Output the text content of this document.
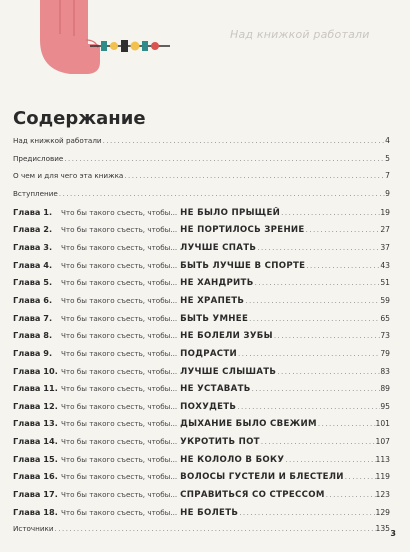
Над книжкой работали
Содержание
Над книжкой работали .....	4
Предисловие .....	5
О чем и для чего эта книжка .....	7
Вступление .....	9
Глава 1.	Что бы такого съесть, чтобы... НЕ БЫЛО ПРЫЩЕЙ .....	19
Глава 2.	Что бы такого съесть, чтобы... НЕ ПОРТИЛОСЬ ЗРЕНИЕ .....	27
Глава 3.	Что бы такого съесть, чтобы... ЛУЧШЕ СПАТЬ .....	37
Глава 4.	Что бы такого съесть, чтобы... БЫТЬ ЛУЧШЕ В СПОРТЕ .....	43
Глава 5.	Что бы такого съесть, чтобы... НЕ ХАНДРИТЬ .....	51
Глава 6.	Что бы такого съесть, чтобы... НЕ ХРАПЕТЬ .....	59
Глава 7.	Что бы такого съесть, чтобы... БЫТЬ УМНЕЕ .....	65
Глава 8.	Что бы такого съесть, чтобы... НЕ БОЛЕЛИ ЗУБЫ .....	73
Глава 9.	Что бы такого съесть, чтобы... ПОДРАСТИ .....	79
Глава 10. Что бы такого съесть, чтобы... ЛУЧШЕ СЛЫШАТЬ .....	83
Глава 11. Что бы такого съесть, чтобы... НЕ УСТАВАТЬ .....	89
Глава 12. Что бы такого съесть, чтобы... ПОХУДЕТЬ .....	95
Глава 13. Что бы такого съесть, чтобы... ДЫХАНИЕ БЫЛО СВЕЖИМ .....	101
Глава 14. Что бы такого съесть, чтобы... УКРОТИТЬ ПОТ .....	107
Глава 15. Что бы такого съесть, чтобы... НЕ КОЛОЛО В БОКУ .....	113
Глава 16. Что бы такого съесть, чтобы... ВОЛОСЫ ГУСТЕЛИ И БЛЕСТЕЛИ .....	119
Глава 17. Что бы такого съесть, чтобы... СПРАВИТЬСЯ СО СТРЕССОМ .....	123
Глава 18. Что бы такого съесть, чтобы... НЕ БОЛЕТЬ .....	129
Источники .....	135
3
